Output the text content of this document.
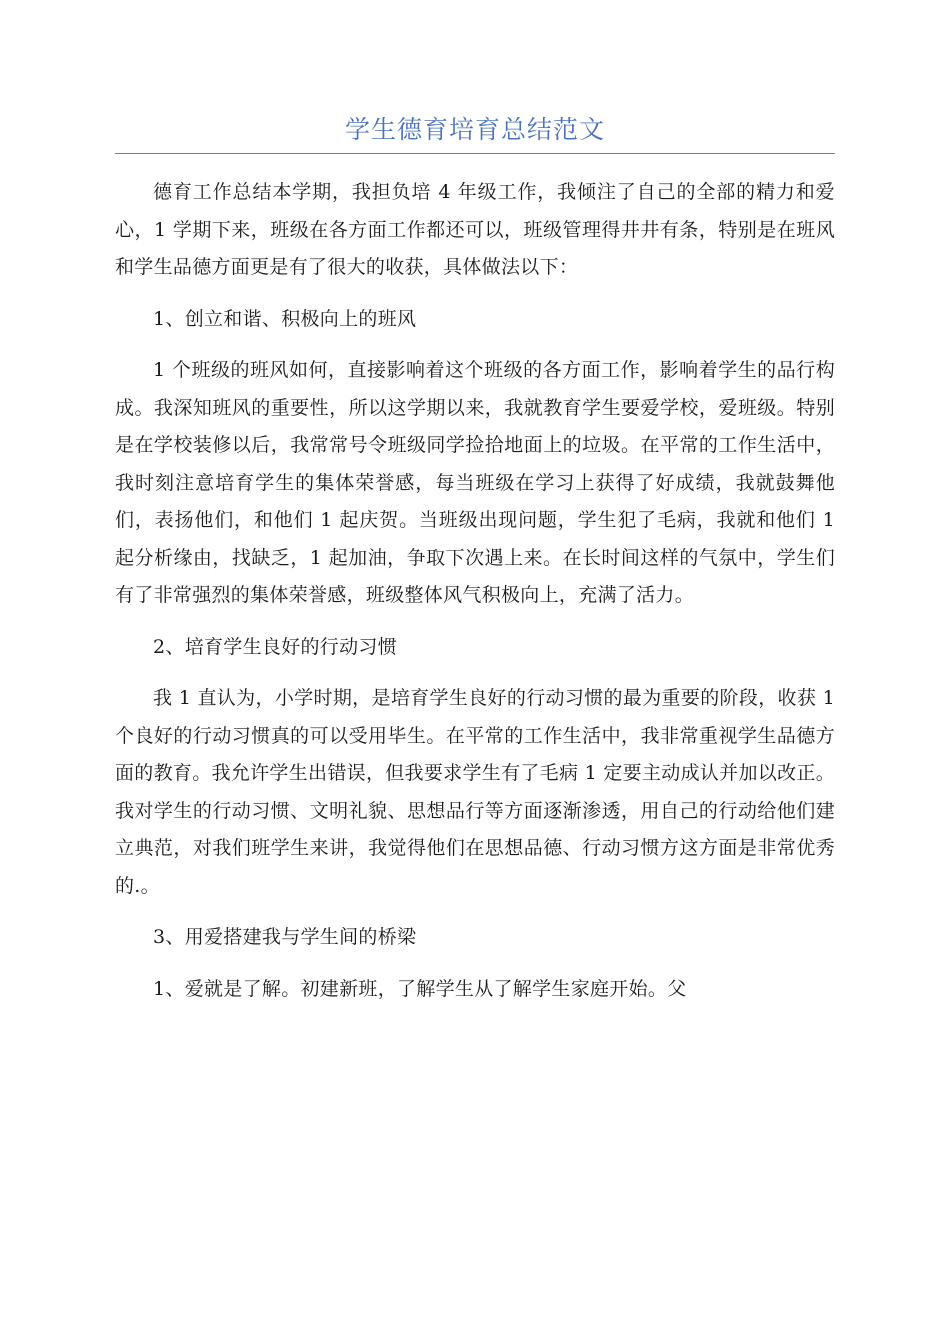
学生德育培育总结范文

德育工作总结本学期，我担负培 4 年级工作，我倾注了自己的全部的精力和爱心，1 学期下来，班级在各方面工作都还可以，班级管理得井井有条，特别是在班风和学生品德方面更是有了很大的收获，具体做法以下：

1、创立和谐、积极向上的班风

1 个班级的班风如何，直接影响着这个班级的各方面工作，影响着学生的品行构成。我深知班风的重要性，所以这学期以来，我就教育学生要爱学校，爱班级。特别是在学校装修以后，我常常号令班级同学捡拾地面上的垃圾。在平常的工作生活中，我时刻注意培育学生的集体荣誉感，每当班级在学习上获得了好成绩，我就鼓舞他们，表扬他们，和他们 1 起庆贺。当班级出现问题，学生犯了毛病，我就和他们 1 起分析缘由，找缺乏，1 起加油，争取下次遇上来。在长时间这样的气氛中，学生们有了非常强烈的集体荣誉感，班级整体风气积极向上，充满了活力。

2、培育学生良好的行动习惯

我 1 直认为，小学时期，是培育学生良好的行动习惯的最为重要的阶段，收获 1 个良好的行动习惯真的可以受用毕生。在平常的工作生活中，我非常重视学生品德方面的教育。我允许学生出错误，但我要求学生有了毛病 1 定要主动成认并加以改正。我对学生的行动习惯、文明礼貌、思想品行等方面逐渐渗透，用自己的行动给他们建立典范，对我们班学生来讲，我觉得他们在思想品德、行动习惯方这方面是非常优秀的.。

3、用爱搭建我与学生间的桥梁

1、爱就是了解。初建新班，了解学生从了解学生家庭开始。父
